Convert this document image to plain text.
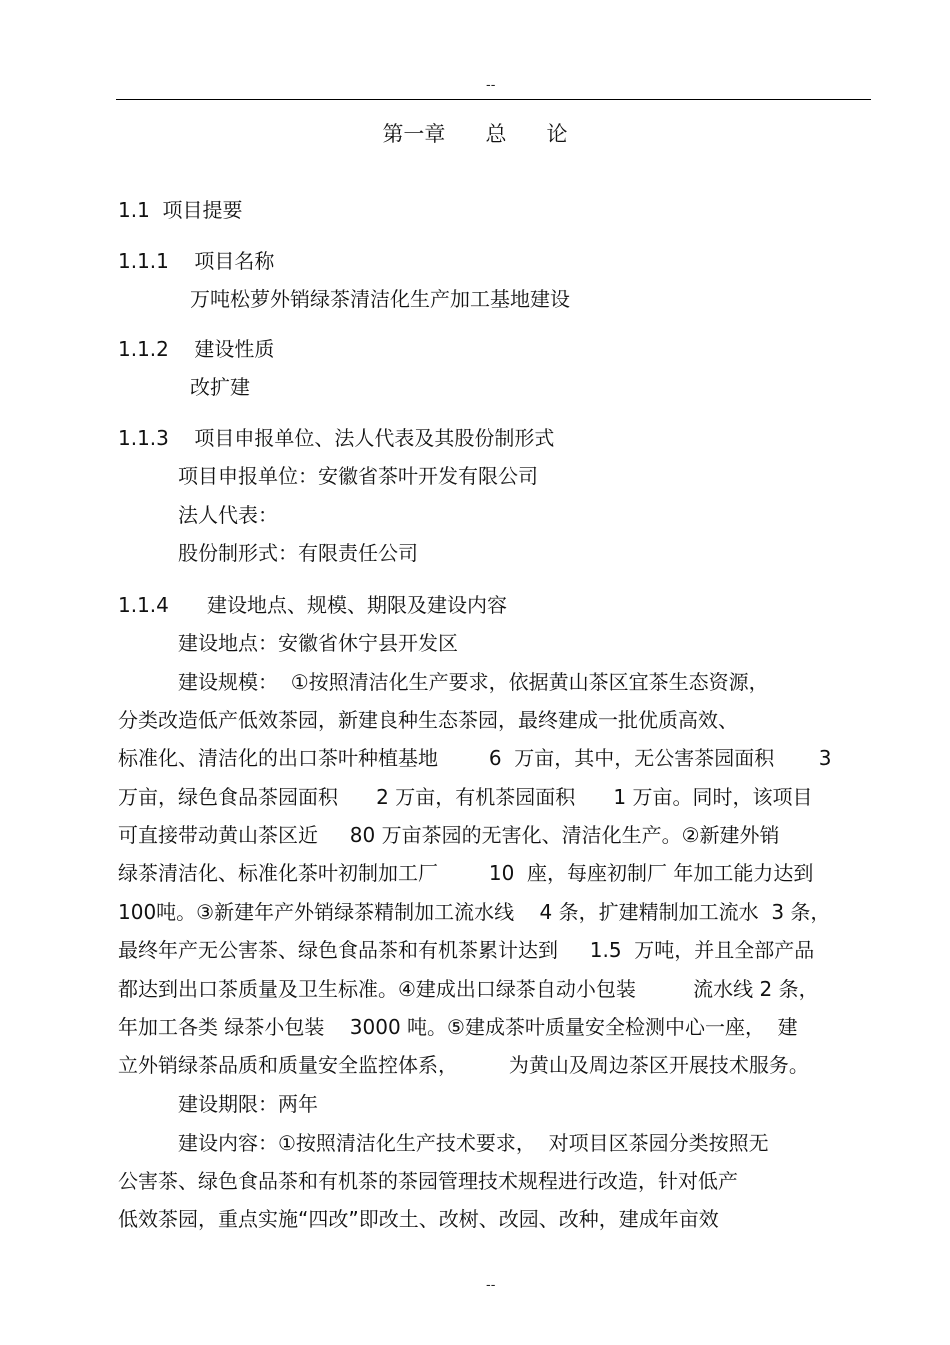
--
第一章      总      论
1.1  项目提要
1.1.1    项目名称
万吨松萝外销绿茶清洁化生产加工基地建设
1.1.2    建设性质
改扩建
1.1.3    项目申报单位、法人代表及其股份制形式
项目申报单位：安徽省茶叶开发有限公司
法人代表：
股份制形式：有限责任公司
1.1.4      建设地点、规模、期限及建设内容
建设地点：安徽省休宁县开发区
建设规模：  ①按照清洁化生产要求，依据黄山茶区宜茶生态资源，
分类改造低产低效茶园，新建良种生态茶园，最终建成一批优质高效、
标准化、清洁化的出口茶叶种植基地        6  万亩，其中，无公害茶园面积       3
万亩，绿色食品茶园面积      2 万亩，有机茶园面积      1 万亩。同时，该项目
可直接带动黄山茶区近     80 万亩茶园的无害化、清洁化生产。②新建外销
绿茶清洁化、标准化茶叶初制加工厂        10  座，每座初制厂 年加工能力达到
100吨。③新建年产外销绿茶精制加工流水线    4 条，扩建精制加工流水  3 条，
最终年产无公害茶、绿色食品茶和有机茶累计达到     1.5  万吨，并且全部产品
都达到出口茶质量及卫生标准。④建成出口绿茶自动小包装         流水线 2 条，
年加工各类 绿茶小包装    3000 吨。⑤建成茶叶质量安全检测中心一座，  建
立外销绿茶品质和质量安全监控体系，        为黄山及周边茶区开展技术服务。
建设期限：两年
建设内容：①按照清洁化生产技术要求，  对项目区茶园分类按照无
公害茶、绿色食品茶和有机茶的茶园管理技术规程进行改造，针对低产
低效茶园，重点实施“四改”即改土、改树、改园、改种，建成年亩效
--
